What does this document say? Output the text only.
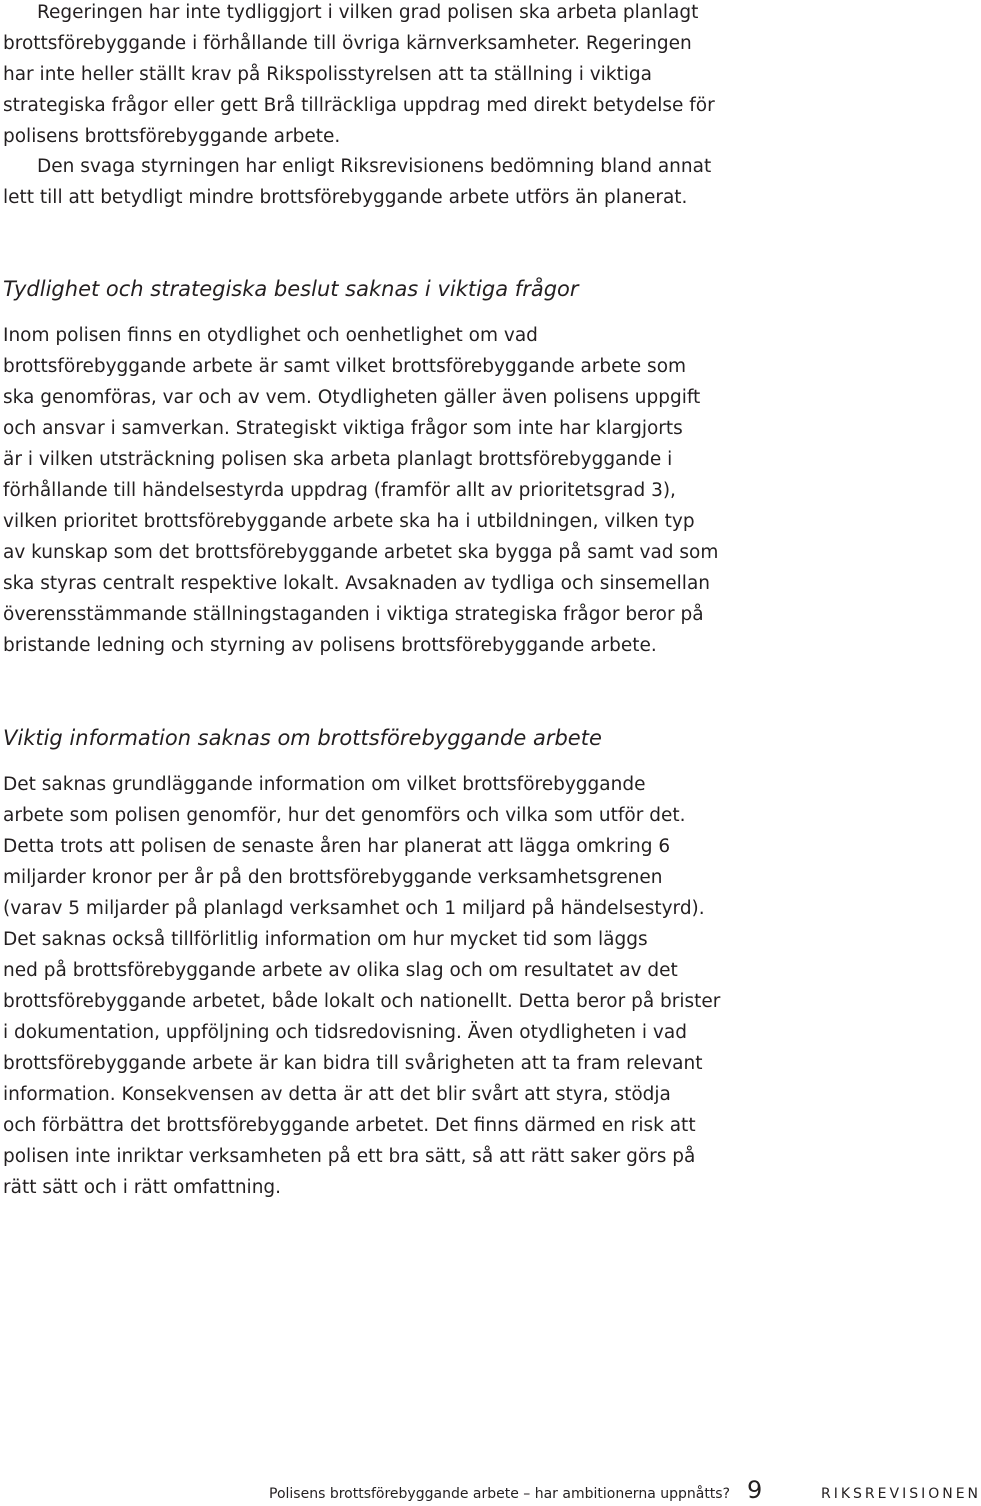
Regeringen har inte tydliggjort i vilken grad polisen ska arbeta planlagt
brottsförebyggande i förhållande till övriga kärnverksamheter. Regeringen
har inte heller ställt krav på Rikspolisstyrelsen att ta ställning i viktiga
strategiska frågor eller gett Brå tillräckliga uppdrag med direkt betydelse för
polisens brottsförebyggande arbete.

Den svaga styrningen har enligt Riksrevisionens bedömning bland annat
lett till att betydligt mindre brottsförebyggande arbete utförs än planerat.

Tydlighet och strategiska beslut saknas i viktiga frågor

Inom polisen finns en otydlighet och oenhetlighet om vad
brottsförebyggande arbete är samt vilket brottsförebyggande arbete som
ska genomföras, var och av vem. Otydligheten gäller även polisens uppgift
och ansvar i samverkan. Strategiskt viktiga frågor som inte har klargjorts
är i vilken utsträckning polisen ska arbeta planlagt brottsförebyggande i
förhållande till händelsestyrda uppdrag (framför allt av prioritetsgrad 3),
vilken prioritet brottsförebyggande arbete ska ha i utbildningen, vilken typ
av kunskap som det brottsförebyggande arbetet ska bygga på samt vad som
ska styras centralt respektive lokalt. Avsaknaden av tydliga och sinsemellan
överensstämmande ställningstaganden i viktiga strategiska frågor beror på
bristande ledning och styrning av polisens brottsförebyggande arbete.

Viktig information saknas om brottsförebyggande arbete

Det saknas grundläggande information om vilket brottsförebyggande
arbete som polisen genomför, hur det genomförs och vilka som utför det.
Detta trots att polisen de senaste åren har planerat att lägga omkring 6
miljarder kronor per år på den brottsförebyggande verksamhetsgrenen
(varav 5 miljarder på planlagd verksamhet och 1 miljard på händelsestyrd).
Det saknas också tillförlitlig information om hur mycket tid som läggs
ned på brottsförebyggande arbete av olika slag och om resultatet av det
brottsförebyggande arbetet, både lokalt och nationellt. Detta beror på brister
i dokumentation, uppföljning och tidsredovisning. Även otydligheten i vad
brottsförebyggande arbete är kan bidra till svårigheten att ta fram relevant
information. Konsekvensen av detta är att det blir svårt att styra, stödja
och förbättra det brottsförebyggande arbetet. Det finns därmed en risk att
polisen inte inriktar verksamheten på ett bra sätt, så att rätt saker görs på
rätt sätt och i rätt omfattning.

Polisens brottsförebyggande arbete – har ambitionerna uppnåtts? 9	RIKSREVISIONEN
